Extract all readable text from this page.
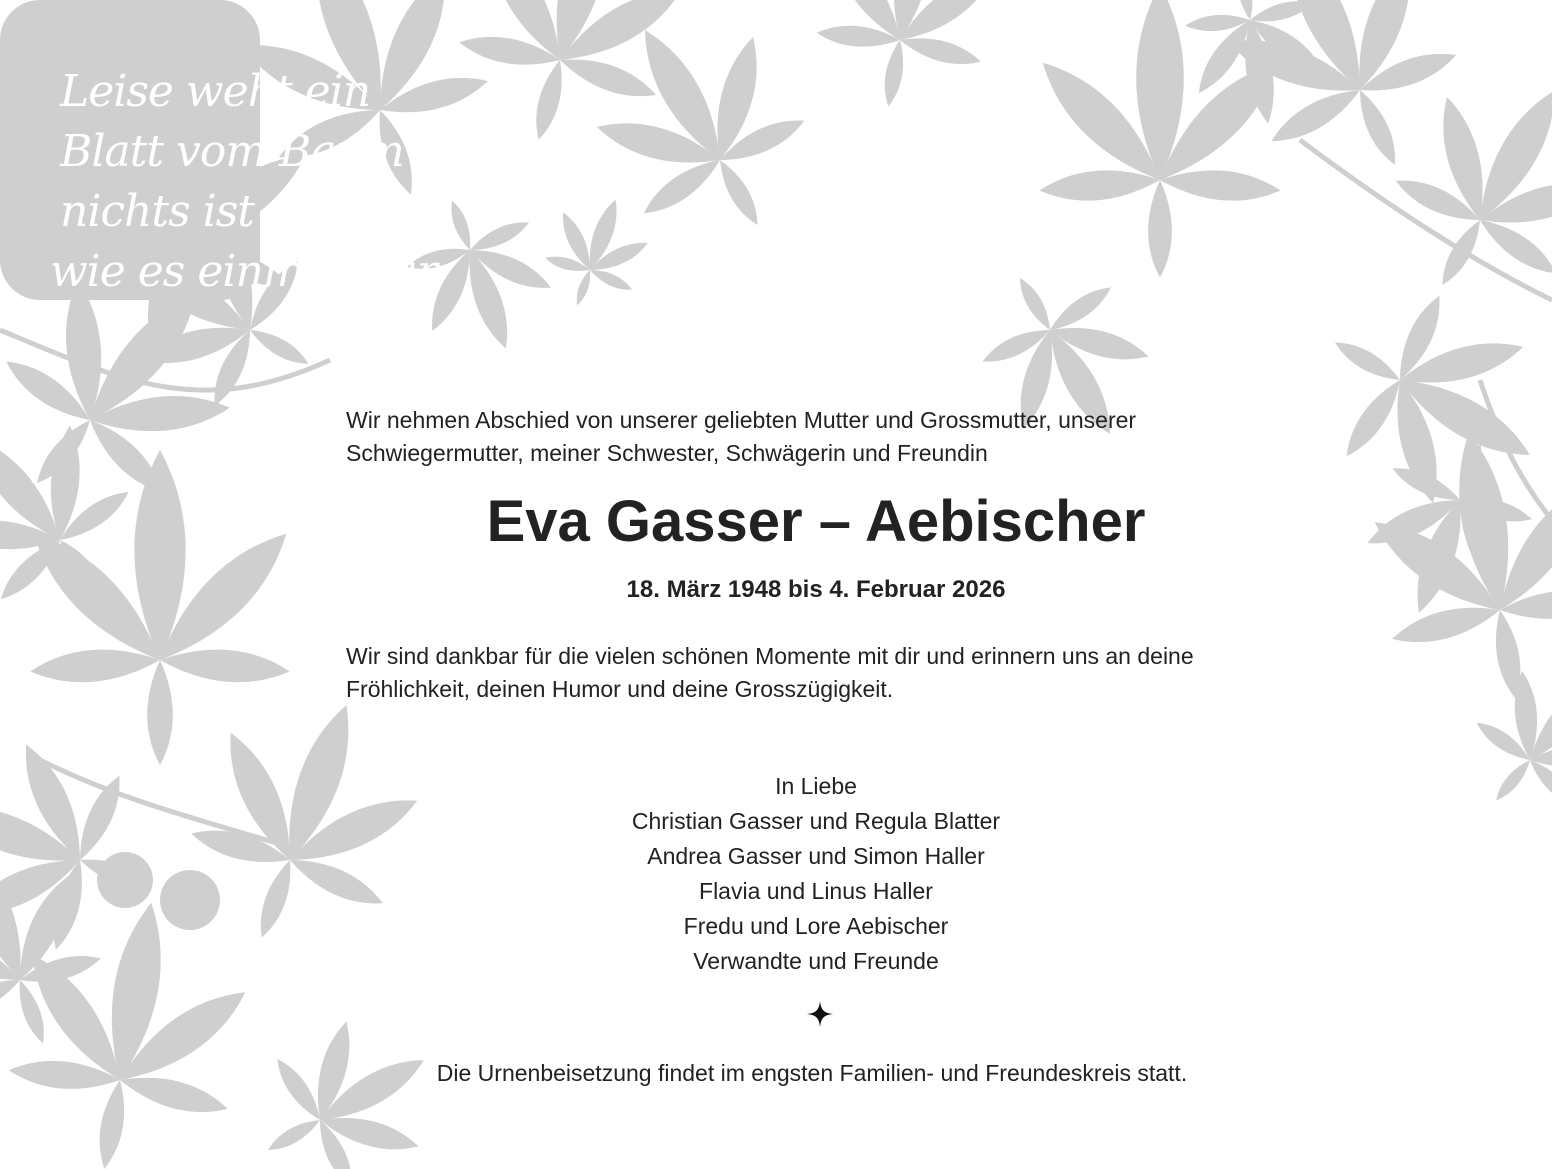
Leise weht ein
Blatt vom Baum und
nichts ist mehr so,
wie es einmal war
Wir nehmen Abschied von unserer geliebten Mutter und Grossmutter, unserer
Schwiegermutter, meiner Schwester, Schwägerin und Freundin
Eva Gasser – Aebischer
18. März 1948 bis 4. Februar 2026
Wir sind dankbar für die vielen schönen Momente mit dir und erinnern uns an deine
Fröhlichkeit, deinen Humor und deine Grosszügigkeit.
In Liebe
Christian Gasser und Regula Blatter
Andrea Gasser und Simon Haller
Flavia und Linus Haller
Fredu und Lore Aebischer
Verwandte und Freunde
Die Urnenbeisetzung findet im engsten Familien- und Freundeskreis statt.
